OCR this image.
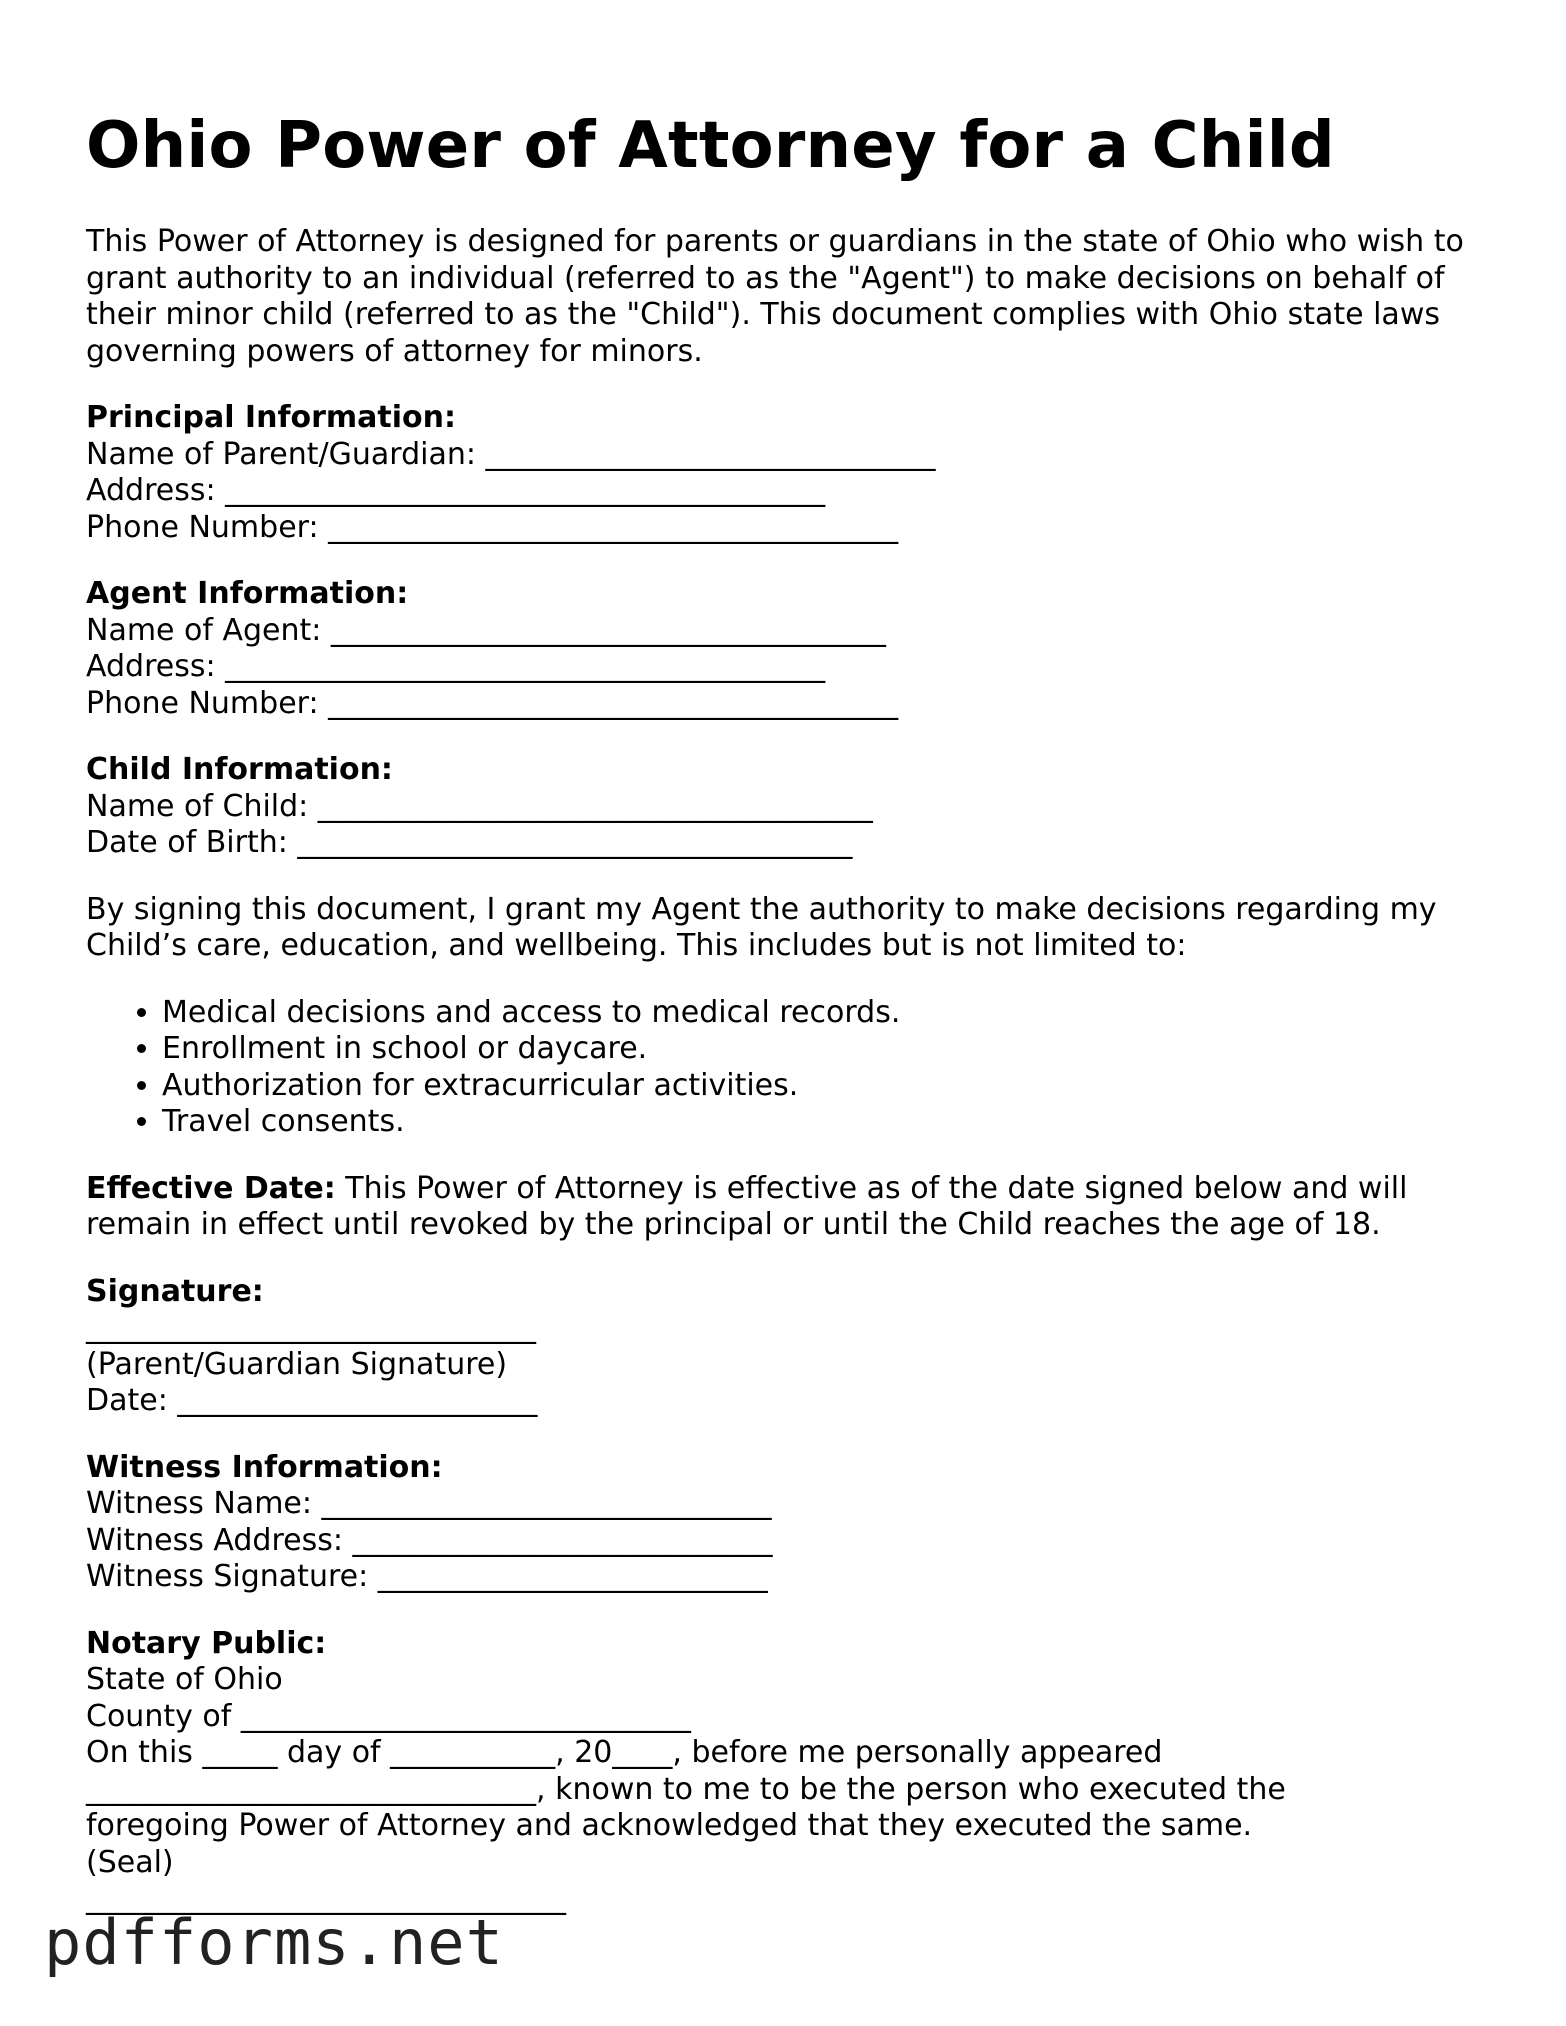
Ohio Power of Attorney for a Child

This Power of Attorney is designed for parents or guardians in the state of Ohio who wish to grant authority to an individual (referred to as the "Agent") to make decisions on behalf of their minor child (referred to as the "Child"). This document complies with Ohio state laws governing powers of attorney for minors.

Principal Information:
Name of Parent/Guardian: ______________________________
Address: ________________________________________
Phone Number: ______________________________________
Agent Information:
Name of Agent: _____________________________________
Address: ________________________________________
Phone Number: ______________________________________
Child Information:
Name of Child: _____________________________________
Date of Birth: _____________________________________

By signing this document, I grant my Agent the authority to make decisions regarding my Child’s care, education, and wellbeing. This includes but is not limited to:

• Medical decisions and access to medical records.
• Enrollment in school or daycare.
• Authorization for extracurricular activities.
• Travel consents.

Effective Date: This Power of Attorney is effective as of the date signed below and will remain in effect until revoked by the principal or until the Child reaches the age of 18.

Signature:
______________________________
(Parent/Guardian Signature)
Date: ________________________
Witness Information:
Witness Name: ______________________________
Witness Address: ____________________________
Witness Signature: __________________________
Notary Public:
State of Ohio
County of ______________________________
On this _____ day of ___________, 20____, before me personally appeared
______________________________, known to me to be the person who executed the
foregoing Power of Attorney and acknowledged that they executed the same.
(Seal)
________________________________
pdfforms.net
